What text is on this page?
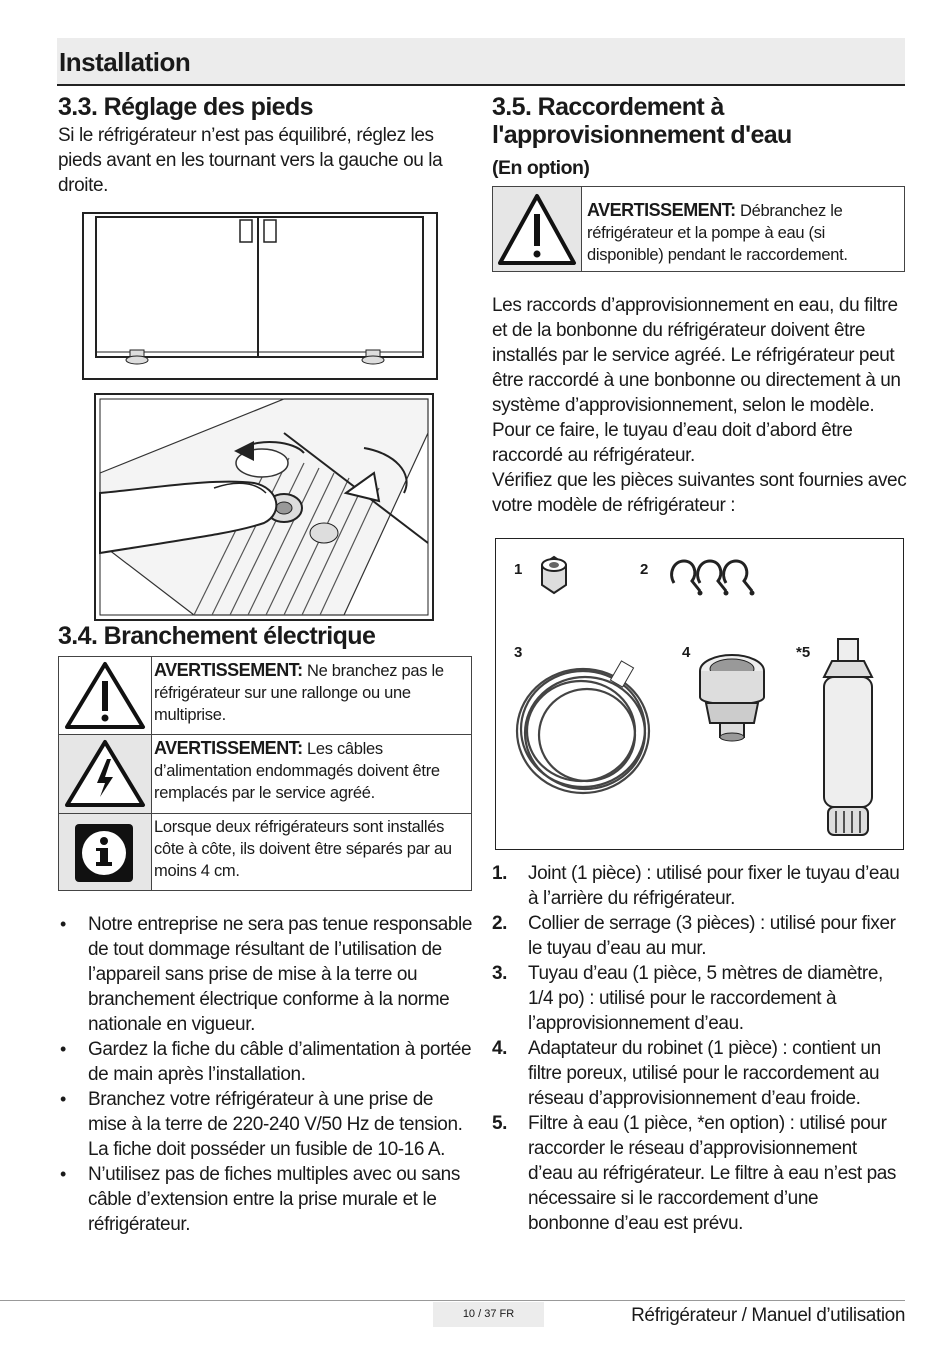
Installation
3.3. Réglage des pieds
Si le réfrigérateur n’est pas équilibré, réglez les pieds avant en les tournant vers la gauche ou la droite.
3.4. Branchement électrique
AVERTISSEMENT: Ne branchez pas le réfrigérateur sur une rallonge ou une multiprise.
AVERTISSEMENT: Les câbles d’alimentation endommagés doivent être remplacés par le service agréé.
Lorsque deux réfrigérateurs sont installés côte à côte, ils doivent être séparés par au moins 4 cm.
• Notre entreprise ne sera pas tenue responsable de tout dommage résultant de l’utilisation de l’appareil sans prise de mise à la terre ou branchement électrique conforme à la norme nationale en vigueur.
• Gardez la fiche du câble d’alimentation à portée de main après l’installation.
• Branchez votre réfrigérateur à une prise de mise à la terre de 220-240 V/50 Hz de tension. La fiche doit posséder un fusible de 10-16 A.
• N’utilisez pas de fiches multiples avec ou sans câble d’extension entre la prise murale et le réfrigérateur.
3.5. Raccordement à
l'approvisionnement d'eau
(En option)
AVERTISSEMENT: Débranchez le réfrigérateur et la pompe à eau (si disponible) pendant le raccordement.
Les raccords d’approvisionnement en eau, du filtre et de la bonbonne du réfrigérateur doivent être installés par le service agréé. Le réfrigérateur peut être raccordé à une bonbonne ou directement à un système d’approvisionnement, selon le modèle. Pour ce faire, le tuyau d’eau doit d’abord être raccordé au réfrigérateur.
Vérifiez que les pièces suivantes sont fournies avec votre modèle de réfrigérateur :
1	2
3	4	*5
1. Joint (1 pièce) : utilisé pour fixer le tuyau d’eau à l’arrière du réfrigérateur.
2. Collier de serrage (3 pièces) : utilisé pour fixer le tuyau d’eau au mur.
3. Tuyau d’eau (1 pièce, 5 mètres de diamètre, 1/4 po) : utilisé pour le raccordement à l’approvisionnement d’eau.
4. Adaptateur du robinet (1 pièce) : contient un filtre poreux, utilisé pour le raccordement au réseau d’approvisionnement d’eau froide.
5. Filtre à eau (1 pièce, *en option) : utilisé pour raccorder le réseau d’approvisionnement d’eau au réfrigérateur. Le filtre à eau n’est pas nécessaire si le raccordement d’une bonbonne d’eau est prévu.
10 / 37 FR	Réfrigérateur / Manuel d’utilisation
